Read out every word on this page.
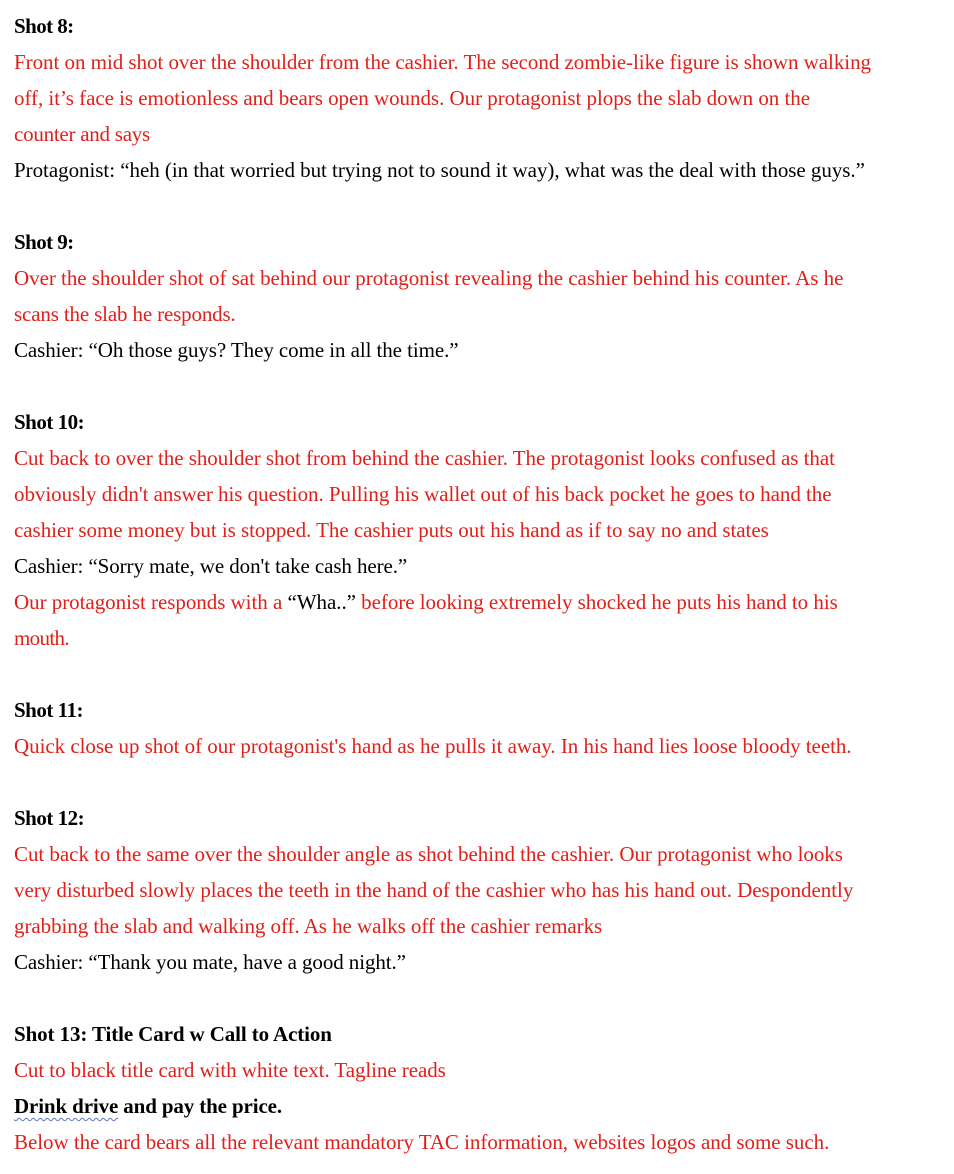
Shot 8:
Front on mid shot over the shoulder from the cashier. The second zombie-like figure is shown walking
off, it’s face is emotionless and bears open wounds. Our protagonist plops the slab down on the
counter and says
Protagonist: “heh (in that worried but trying not to sound it way), what was the deal with those guys.”
Shot 9:
Over the shoulder shot of sat behind our protagonist revealing the cashier behind his counter. As he
scans the slab he responds.
Cashier: “Oh those guys? They come in all the time.”
Shot 10:
Cut back to over the shoulder shot from behind the cashier. The protagonist looks confused as that
obviously didn't answer his question. Pulling his wallet out of his back pocket he goes to hand the
cashier some money but is stopped. The cashier puts out his hand as if to say no and states
Cashier: “Sorry mate, we don't take cash here.”
Our protagonist responds with a “Wha..” before looking extremely shocked he puts his hand to his
mouth.
Shot 11:
Quick close up shot of our protagonist's hand as he pulls it away. In his hand lies loose bloody teeth.
Shot 12:
Cut back to the same over the shoulder angle as shot behind the cashier. Our protagonist who looks
very disturbed slowly places the teeth in the hand of the cashier who has his hand out. Despondently
grabbing the slab and walking off. As he walks off the cashier remarks
Cashier: “Thank you mate, have a good night.”
Shot 13: Title Card w Call to Action
Cut to black title card with white text. Tagline reads
Drink drive and pay the price.
Below the card bears all the relevant mandatory TAC information, websites logos and some such.
